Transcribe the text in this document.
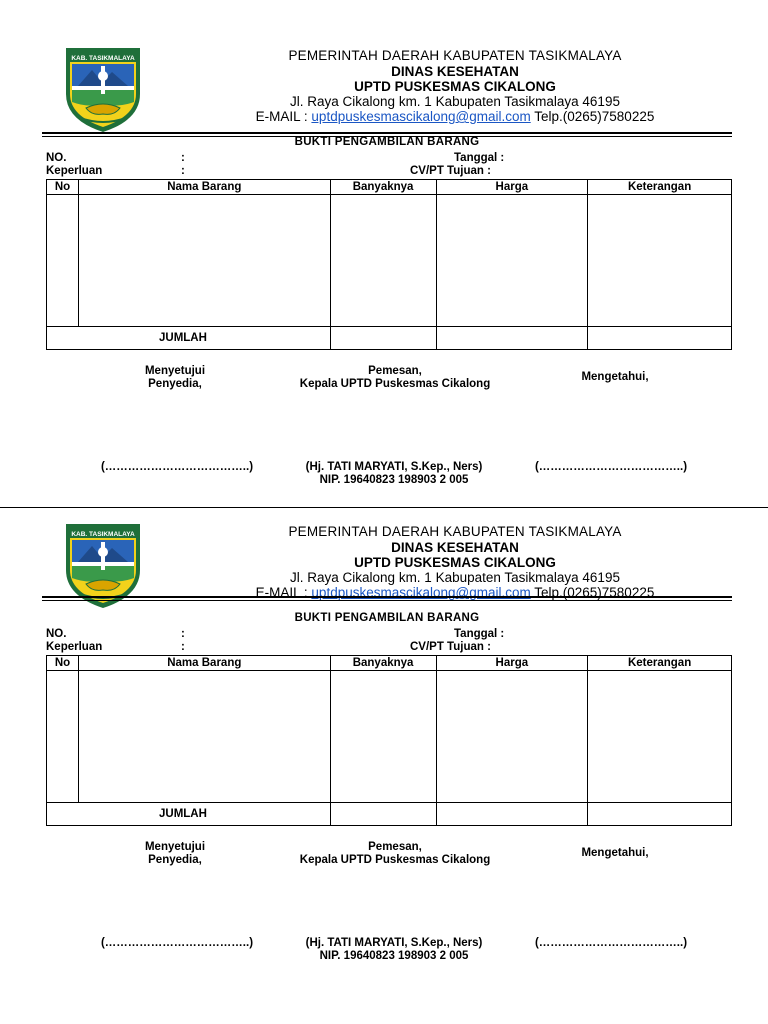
KAB. TASIKMALAYA	PEMERINTAH DAERAH KABUPATEN TASIKMALAYA
DINAS KESEHATAN
UPTD PUSKESMAS CIKALONG
Jl. Raya Cikalong km. 1 Kabupaten Tasikmalaya 46195
E-MAIL : uptdpuskesmascikalong@gmail.com Telp.(0265)7580225
BUKTI PENGAMBILAN BARANG
NO.	:	Tanggal :
Keperluan	:	CV/PT Tujuan :
No	Nama Barang	Banyaknya	Harga	Keterangan

JUMLAH				
Menyetujui
Penyedia,
Pemesan,
Kepala UPTD Puskesmas Cikalong
Mengetahui,
(………………………………..)	(Hj. TATI MARYATI, S.Kep., Ners)	(………………………………..)
NIP. 19640823 198903 2 005
KAB. TASIKMALAYA	PEMERINTAH DAERAH KABUPATEN TASIKMALAYA
DINAS KESEHATAN
UPTD PUSKESMAS CIKALONG
Jl. Raya Cikalong km. 1 Kabupaten Tasikmalaya 46195
E-MAIL : uptdpuskesmascikalong@gmail.com Telp.(0265)7580225
BUKTI PENGAMBILAN BARANG
NO.	:	Tanggal :
Keperluan	:	CV/PT Tujuan :
No	Nama Barang	Banyaknya	Harga	Keterangan

JUMLAH				
Menyetujui
Penyedia,
Pemesan,
Kepala UPTD Puskesmas Cikalong
Mengetahui,
(………………………………..)	(Hj. TATI MARYATI, S.Kep., Ners)	(………………………………..)
NIP. 19640823 198903 2 005
